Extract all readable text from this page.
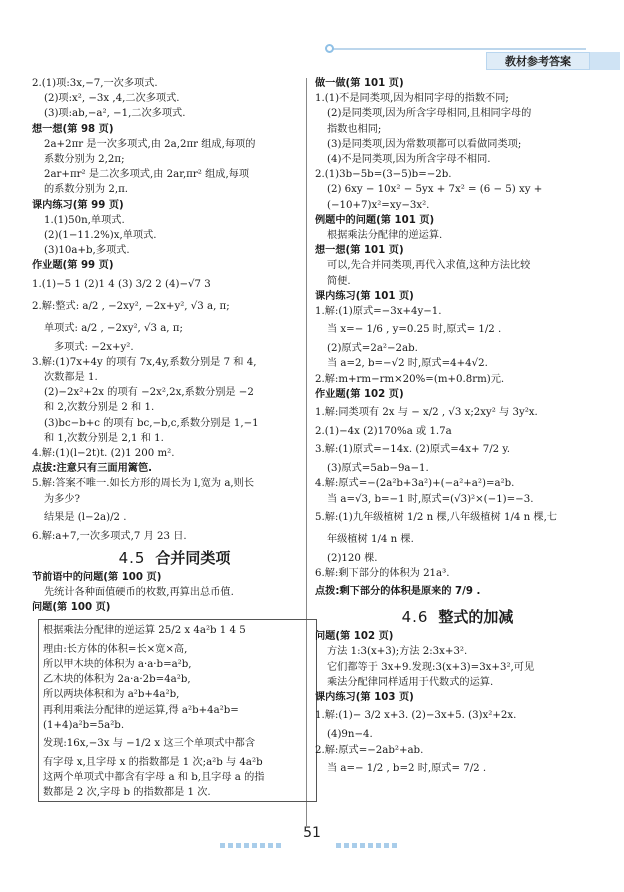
教材参考答案
2.(1)项:3x,−7,一次多项式.
(2)项:x², −3x ,4,二次多项式.
(3)项:ab,−a², −1,二次多项式.
想一想(第 98 页)
2a+2πr 是一次多项式,由 2a,2πr 组成,每项的
系数分别为 2,2π;
2ar+πr² 是二次多项式,由 2ar,πr² 组成,每项
的系数分别为 2,π.
课内练习(第 99 页)
1.(1)50n,单项式.
(2)(1−11.2%)x,单项式.
(3)10a+b,多项式.
作业题(第 99 页)
1.(1)−5 1 (2)1 4 (3) 3/2 2 (4)−√7 3
2.解:整式: a/2 , −2xy², −2x+y², √3 a, π;
单项式: a/2 , −2xy², √3 a, π;
多项式: −2x+y².
3.解:(1)7x+4y 的项有 7x,4y,系数分别是 7 和 4,
次数都是 1.
(2)−2x²+2x 的项有 −2x²,2x,系数分别是 −2
和 2,次数分别是 2 和 1.
(3)bc−b+c 的项有 bc,−b,c,系数分别是 1,−1
和 1,次数分别是 2,1 和 1.
4.解:(1)(l−2t)t. (2)1 200 m².
点拔:注意只有三面用篱笆.
5.解:答案不唯一.如长方形的周长为 l,宽为 a,则长
为多少?
结果是 (l−2a)/2 .
6.解:a+7,一次多项式,7 月 23 日.
4.5 合并同类项
节前语中的问题(第 100 页)
先统计各种面值硬币的枚数,再算出总币值.
问题(第 100 页)
根据乘法分配律的逆运算 25/2 x 4a²b 1 4 5
理由:长方体的体积=长×宽×高,
所以甲木块的体积为 a·a·b=a²b,
乙木块的体积为 2a·a·2b=4a²b,
所以两块体积和为 a²b+4a²b,
再利用乘法分配律的逆运算,得 a²b+4a²b=
(1+4)a²b=5a²b.
发现:16x,−3x 与 −1/2 x 这三个单项式中都含
有字母 x,且字母 x 的指数都是 1 次;a²b 与 4a²b
这两个单项式中都含有字母 a 和 b,且字母 a 的指
数都是 2 次,字母 b 的指数都是 1 次.
做一做(第 101 页)
1.(1)不是同类项,因为相同字母的指数不同;
(2)是同类项,因为所含字母相同,且相同字母的
指数也相同;
(3)是同类项,因为常数项都可以看做同类项;
(4)不是同类项,因为所含字母不相同.
2.(1)3b−5b=(3−5)b=−2b.
(2) 6xy − 10x² − 5yx + 7x² = (6 − 5) xy +
(−10+7)x²=xy−3x².
例题中的问题(第 101 页)
根据乘法分配律的逆运算.
想一想(第 101 页)
可以,先合并同类项,再代入求值,这种方法比较
简便.
课内练习(第 101 页)
1.解:(1)原式=−3x+4y−1.
当 x=− 1/6 , y=0.25 时,原式= 1/2 .
(2)原式=2a²−2ab.
当 a=2, b=−√2 时,原式=4+4√2.
2.解:m+rm−rm×20%=(m+0.8rm)元.
作业题(第 102 页)
1.解:同类项有 2x 与 − x/2 , √3 x;2xy² 与 3y²x.
2.(1)−4x (2)170%a 或 1.7a
3.解:(1)原式=−14x. (2)原式=4x+ 7/2 y.
(3)原式=5ab−9a−1.
4.解:原式=−(2a²b+3a²)+(−a²+a²)=a²b.
当 a=√3, b=−1 时,原式=(√3)²×(−1)=−3.
5.解:(1)九年级植树 1/2 n 棵,八年级植树 1/4 n 棵,七
年级植树 1/4 n 棵.
(2)120 棵.
6.解:剩下部分的体积为 21a³.
点拨:剩下部分的体积是原来的 7/9 .
4.6 整式的加减
问题(第 102 页)
方法 1:3(x+3);方法 2:3x+3².
它们都等于 3x+9.发现:3(x+3)=3x+3²,可见
乘法分配律同样适用于代数式的运算.
课内练习(第 103 页)
1.解:(1)− 3/2 x+3. (2)−3x+5. (3)x²+2x.
(4)9n−4.
2.解:原式=−2ab²+ab.
当 a=− 1/2 , b=2 时,原式= 7/2 .
51
